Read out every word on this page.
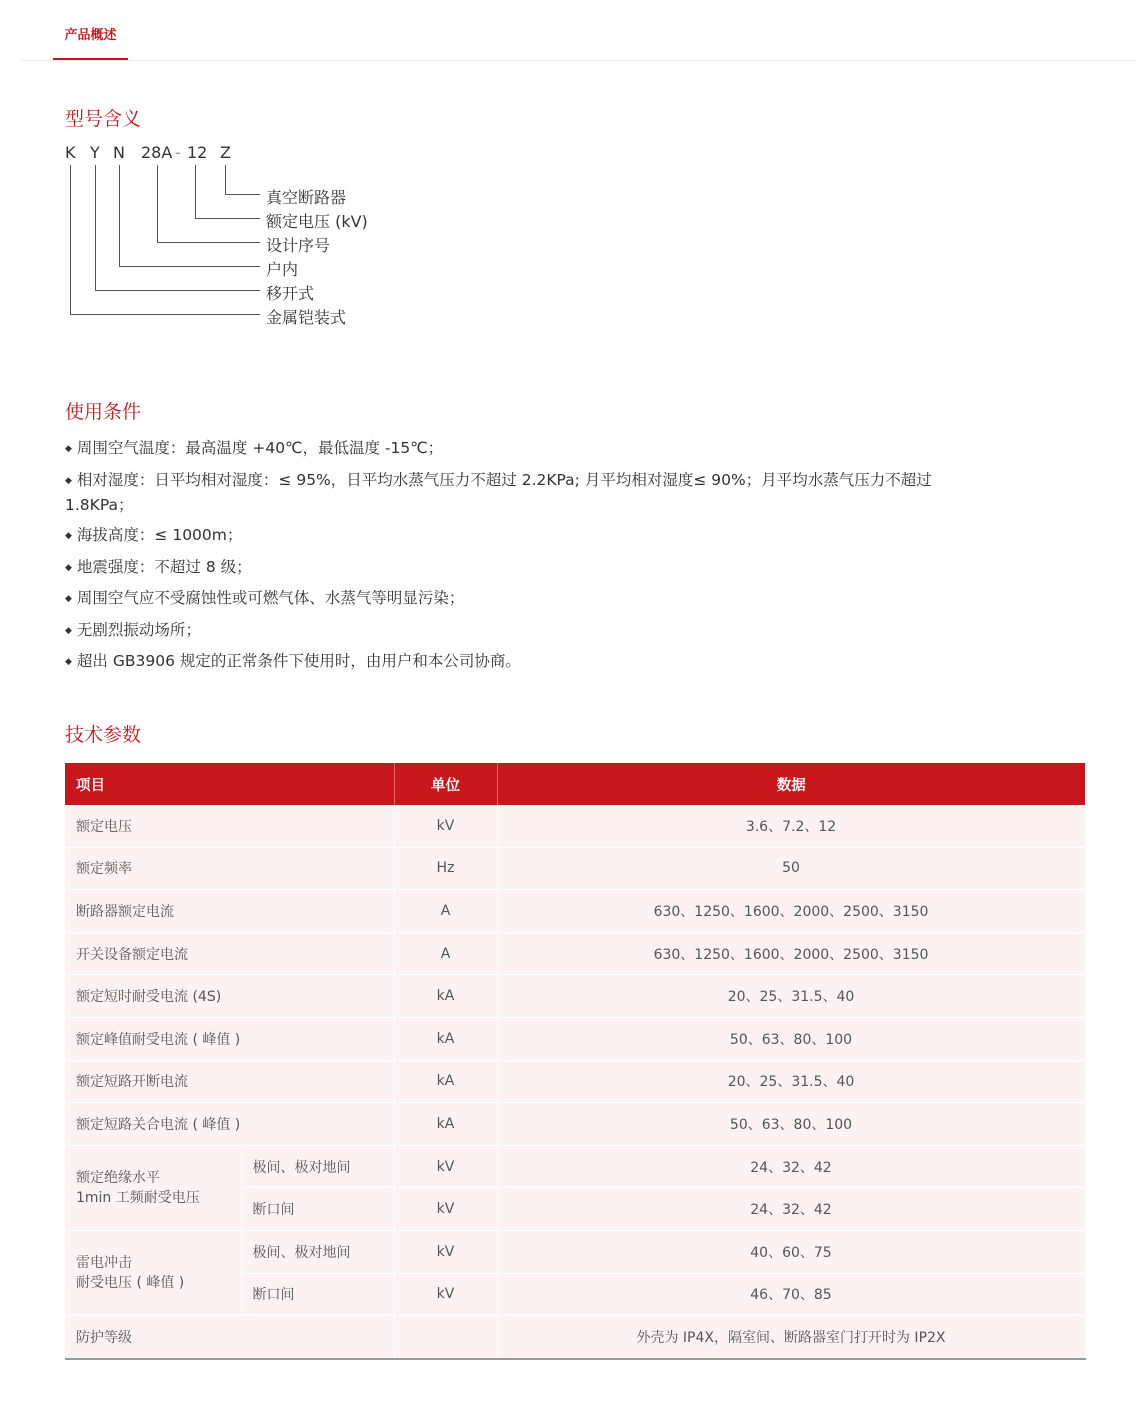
产品概述
型号含义
K Y N 28A - 12 Z
真空断路器
额定电压 (kV)
设计序号
户内
移开式
金属铠装式
使用条件
◆ 周围空气温度：最高温度 +40℃，最低温度 -15℃；
◆ 相对湿度：日平均相对湿度：≤ 95%，日平均水蒸气压力不超过 2.2KPa; 月平均相对湿度≤ 90%；月平均水蒸气压力不超过 1.8KPa；
◆ 海拔高度：≤ 1000m；
◆ 地震强度：不超过 8 级；
◆ 周围空气应不受腐蚀性或可燃气体、水蒸气等明显污染；
◆ 无剧烈振动场所；
◆ 超出 GB3906 规定的正常条件下使用时，由用户和本公司协商。
技术参数
项目		单位	数据
额定电压		kV	3.6、7.2、12
额定频率		Hz	50
断路器额定电流		A	630、1250、1600、2000、2500、3150
开关设备额定电流		A	630、1250、1600、2000、2500、3150
额定短时耐受电流 (4S)		kA	20、25、31.5、40
额定峰值耐受电流 ( 峰值 )		kA	50、63、80、100
额定短路开断电流		kA	20、25、31.5、40
额定短路关合电流 ( 峰值 )		kA	50、63、80、100
额定绝缘水平
1min 工频耐受电压	极间、极对地间	kV	24、32、42
	断口间	kV	24、32、42
雷电冲击
耐受电压 ( 峰值 )	极间、极对地间	kV	40、60、75
	断口间	kV	46、70、85
防护等级			外壳为 IP4X，隔室间、断路器室门打开时为 IP2X
